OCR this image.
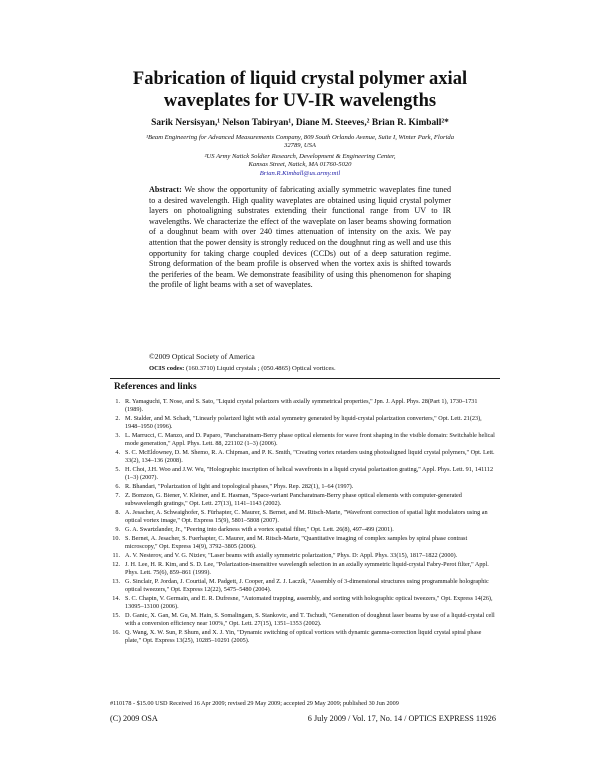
Fabrication of liquid crystal polymer axial
waveplates for UV-IR wavelengths
Sarik Nersisyan,¹ Nelson Tabiryan¹, Diane M. Steeves,² Brian R. Kimball²*
¹Beam Engineering for Advanced Measurements Company, 809 South Orlando Avenue, Suite I, Winter Park, Florida
32789, USA
²US Army Natick Soldier Research, Development & Engineering Center,
Kansas Street, Natick, MA 01760-5020
Brian.R.Kimball@us.army.mil
Abstract: We show the opportunity of fabricating axially symmetric waveplates fine tuned to a desired wavelength. High quality waveplates are obtained using liquid crystal polymer layers on photoaligning substrates extending their functional range from UV to IR wavelengths. We characterize the effect of the waveplate on laser beams showing formation of a doughnut beam with over 240 times attenuation of intensity on the axis. We pay attention that the power density is strongly reduced on the doughnut ring as well and use this opportunity for taking charge coupled devices (CCDs) out of a deep saturation regime. Strong deformation of the beam profile is observed when the vortex axis is shifted towards the periferies of the beam. We demonstrate feasibility of using this phenomenon for shaping the profile of light beams with a set of waveplates.
©2009 Optical Society of America
OCIS codes: (160.3710) Liquid crystals ; (050.4865) Optical vortices.
References and links
1. R. Yamaguchi, T. Nose, and S. Sato, "Liquid crystal polarizers with axially symmetrical properties," Jpn. J. Appl. Phys. 28(Part 1), 1730–1731 (1989).
2. M. Stalder, and M. Schadt, "Linearly polarized light with axial symmetry generated by liquid-crystal polarization converters," Opt. Lett. 21(23), 1948–1950 (1996).
3. L. Marrucci, C. Manzo, and D. Paparo, "Pancharatnam-Berry phase optical elements for wave front shaping in the visible domain: Switchable helical mode generation," Appl. Phys. Lett. 88, 221102 (1–3) (2006).
4. S. C. McEldowney, D. M. Shemo, R. A. Chipman, and P. K. Smith, "Creating vortex retarders using photoaligned liquid crystal polymers," Opt. Lett. 33(2), 134–136 (2008).
5. H. Choi, J.H. Woo and J.W. Wu, "Holographic inscription of helical wavefronts in a liquid crystal polarization grating," Appl. Phys. Lett. 91, 141112 (1–3) (2007).
6. R. Bhandari, "Polarization of light and topological phases," Phys. Rep. 282(1), 1–64 (1997).
7. Z. Bomzon, G. Biener, V. Kleiner, and E. Hasman, "Space-variant Pancharatnam-Berry phase optical elements with computer-generated subwavelength gratings," Opt. Lett. 27(13), 1141–1143 (2002).
8. A. Jesacher, A. Schwaighofer, S. Fürhapter, C. Maurer, S. Bernet, and M. Ritsch-Marte, "Wavefront correction of spatial light modulators using an optical vortex image," Opt. Express 15(9), 5801–5808 (2007).
9. G. A. Swartzlander, Jr., "Peering into darkness with a vortex spatial filter," Opt. Lett. 26(8), 497–499 (2001).
10. S. Bernet, A. Jesacher, S. Fuerhapter, C. Maurer, and M. Ritsch-Marte, "Quantitative imaging of complex samples by spiral phase contrast microscopy," Opt. Express 14(9), 3792–3805 (2006).
11. A. V. Nesterov, and V. G. Niziev, "Laser beams with axially symmetric polarization," Phys. D: Appl. Phys. 33(15), 1817–1822 (2000).
12. J. H. Lee, H. R. Kim, and S. D. Lee, "Polarization-insensitive wavelength selection in an axially symmetric liquid-crystal Fabry-Perot filter," Appl. Phys. Lett. 75(6), 859–861 (1999).
13. G. Sinclair, P. Jordan, J. Courtial, M. Padgett, J. Cooper, and Z. J. Laczik, "Assembly of 3-dimensional structures using programmable holographic optical tweezers," Opt. Express 12(22), 5475–5480 (2004).
14. S. C. Chapin, V. Germain, and E. R. Dufresne, "Automated trapping, assembly, and sorting with holographic optical tweezers," Opt. Express 14(26), 13095–13100 (2006).
15. D. Ganic, X. Gan, M. Gu, M. Hain, S. Somalingam, S. Stankovic, and T. Tschudi, "Generation of doughnut laser beams by use of a liquid-crystal cell with a conversion efficiency near 100%," Opt. Lett. 27(15), 1351–1353 (2002).
16. Q. Wang, X. W. Sun, P. Shum, and X. J. Yin, "Dynamic switching of optical vortices with dynamic gamma-correction liquid crystal spiral phase plate," Opt. Express 13(25), 10285–10291 (2005).
#110178 - $15.00 USD Received 16 Apr 2009; revised 29 May 2009; accepted 29 May 2009; published 30 Jun 2009
(C) 2009 OSA	6 July 2009 / Vol. 17, No. 14 / OPTICS EXPRESS 11926
